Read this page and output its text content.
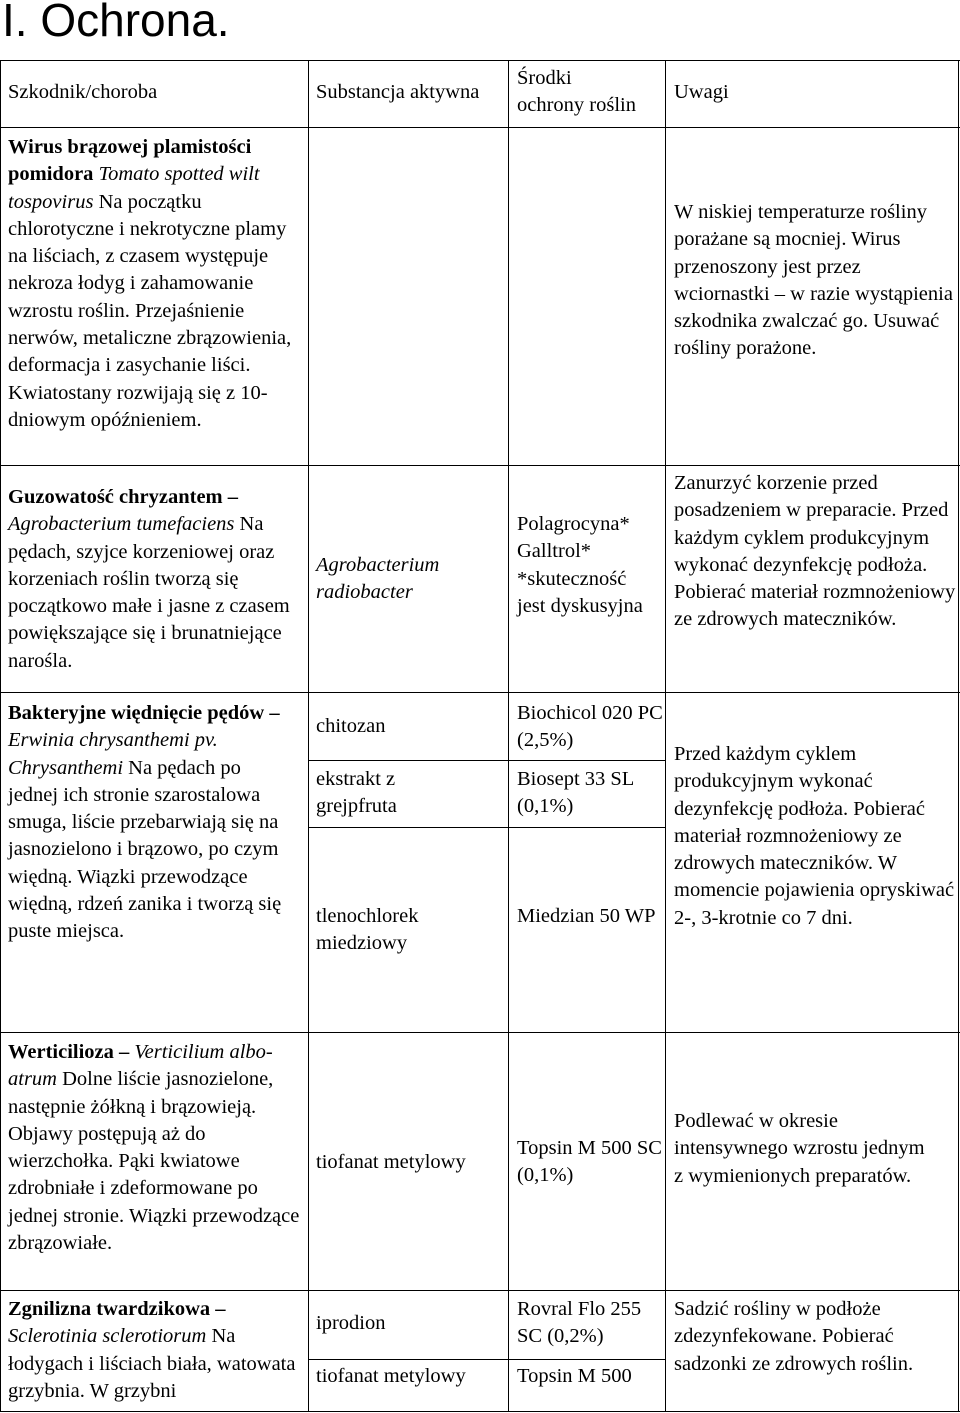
I. Ochrona.
Szkodnik/choroba	Substancja aktywna

Środki

ochrony roślin

Uwagi
Wirus brązowej plamistości pomidora Tomato spotted wilt tospovirus Na początku chlorotyczne i nekrotyczne plamy na liściach, z czasem występuje nekroza łodyg i zahamowanie wzrostu roślin. Przejaśnienie nerwów, metaliczne zbrązowienia, deformacja i zasychanie liści. Kwiatostany rozwijają się z 10-dniowym opóźnieniem.
W niskiej temperaturze rośliny porażane są mocniej. Wirus przenoszony jest przez wciornastki – w razie wystąpienia szkodnika zwalczać go. Usuwać rośliny porażone.
Guzowatość chryzantem – Agrobacterium tumefaciens Na pędach, szyjce korzeniowej oraz korzeniach roślin tworzą się początkowo małe i jasne z czasem powiększające się i brunatniejące narośla.
Agrobacterium radiobacter
Polagrocyna* Galltrol* *skuteczność jest dyskusyjna
Zanurzyć korzenie przed posadzeniem w preparacie. Przed każdym cyklem produkcyjnym wykonać dezynfekcję podłoża. Pobierać materiał rozmnożeniowy ze zdrowych mateczników.
Bakteryjne więdnięcie pędów – Erwinia chrysanthemi pv. Chrysanthemi Na pędach po jednej ich stronie szarostalowa smuga, liście przebarwiają się na jasnozielono i brązowo, po czym więdną. Wiązki przewodzące więdną, rdzeń zanika i tworzą się puste miejsca.
chitozan
Biochicol 020 PC (2,5%)
ekstrakt z grejpfruta
Biosept 33 SL (0,1%)
tlenochlorek miedziowy
Miedzian 50 WP
Przed każdym cyklem produkcyjnym wykonać dezynfekcję podłoża. Pobierać materiał rozmnożeniowy ze zdrowych mateczników. W momencie pojawienia opryskiwać 2-, 3-krotnie co 7 dni.
Werticilioza – Verticilium albo-atrum Dolne liście jasnozielone, następnie żółkną i brązowieją. Objawy postępują aż do wierzchołka. Pąki kwiatowe zdrobniałe i zdeformowane po jednej stronie. Wiązki przewodzące zbrązowiałe.
tiofanat metylowy
Topsin M 500 SC (0,1%)
Podlewać w okresie intensywnego wzrostu jednym z wymienionych preparatów.
Zgnilizna twardzikowa – Sclerotinia sclerotiorum Na łodygach i liściach biała, watowata grzybnia. W grzybni
iprodion
Rovral Flo 255 SC (0,2%)
tiofanat metylowy	Topsin M 500
Sadzić rośliny w podłoże zdezynfekowane. Pobierać sadzonki ze zdrowych roślin.
